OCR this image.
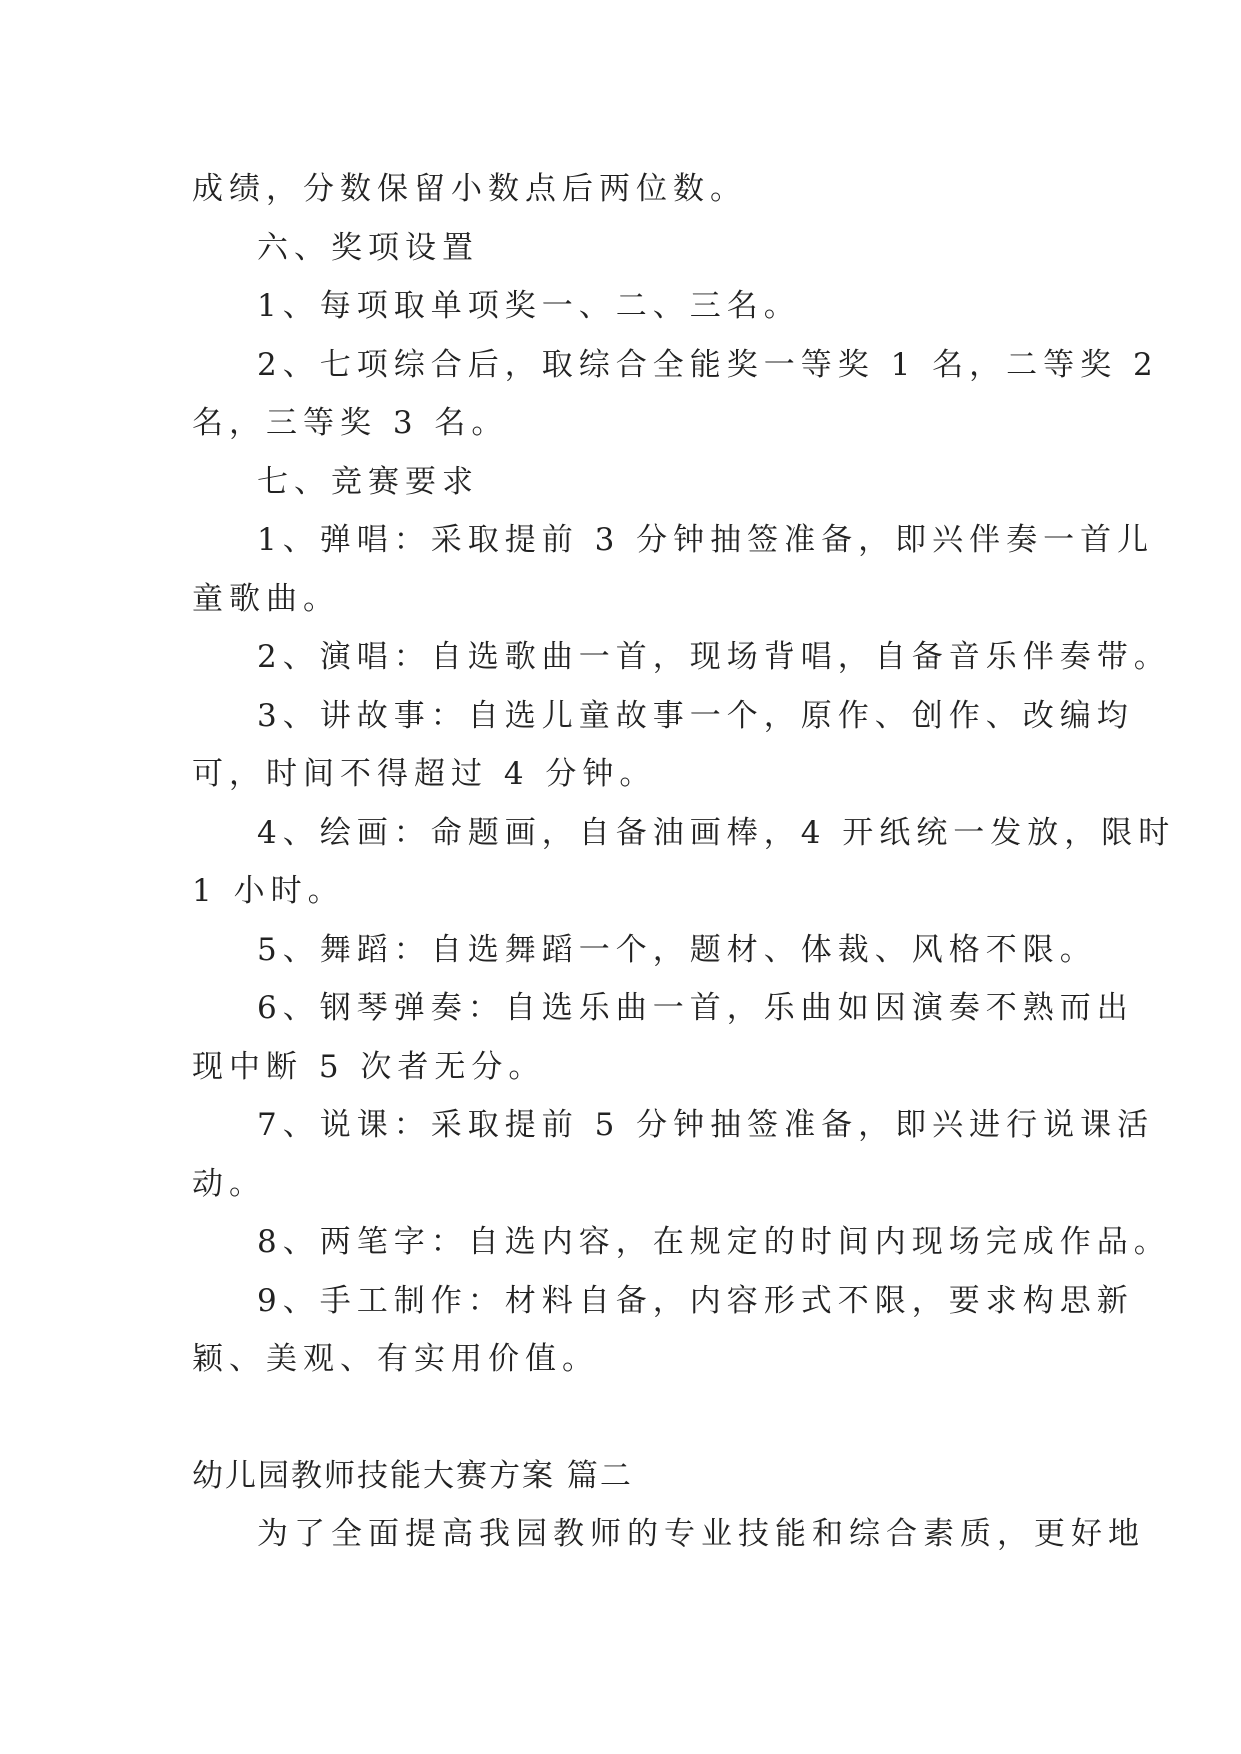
成绩，分数保留小数点后两位数。

六、奖项设置

1、每项取单项奖一、二、三名。

2、七项综合后，取综合全能奖一等奖 1 名，二等奖 2

名，三等奖 3 名。

七、竞赛要求

1、弹唱：采取提前 3 分钟抽签准备，即兴伴奏一首儿

童歌曲。

2、演唱：自选歌曲一首，现场背唱，自备音乐伴奏带。

3、讲故事：自选儿童故事一个，原作、创作、改编均

可，时间不得超过 4 分钟。

4、绘画：命题画，自备油画棒，4 开纸统一发放，限时

1 小时。

5、舞蹈：自选舞蹈一个，题材、体裁、风格不限。

6、钢琴弹奏：自选乐曲一首，乐曲如因演奏不熟而出

现中断 5 次者无分。

7、说课：采取提前 5 分钟抽签准备，即兴进行说课活

动。

8、两笔字：自选内容，在规定的时间内现场完成作品。

9、手工制作：材料自备，内容形式不限，要求构思新

颖、美观、有实用价值。

幼儿园教师技能大赛方案 篇二

为了全面提高我园教师的专业技能和综合素质，更好地
